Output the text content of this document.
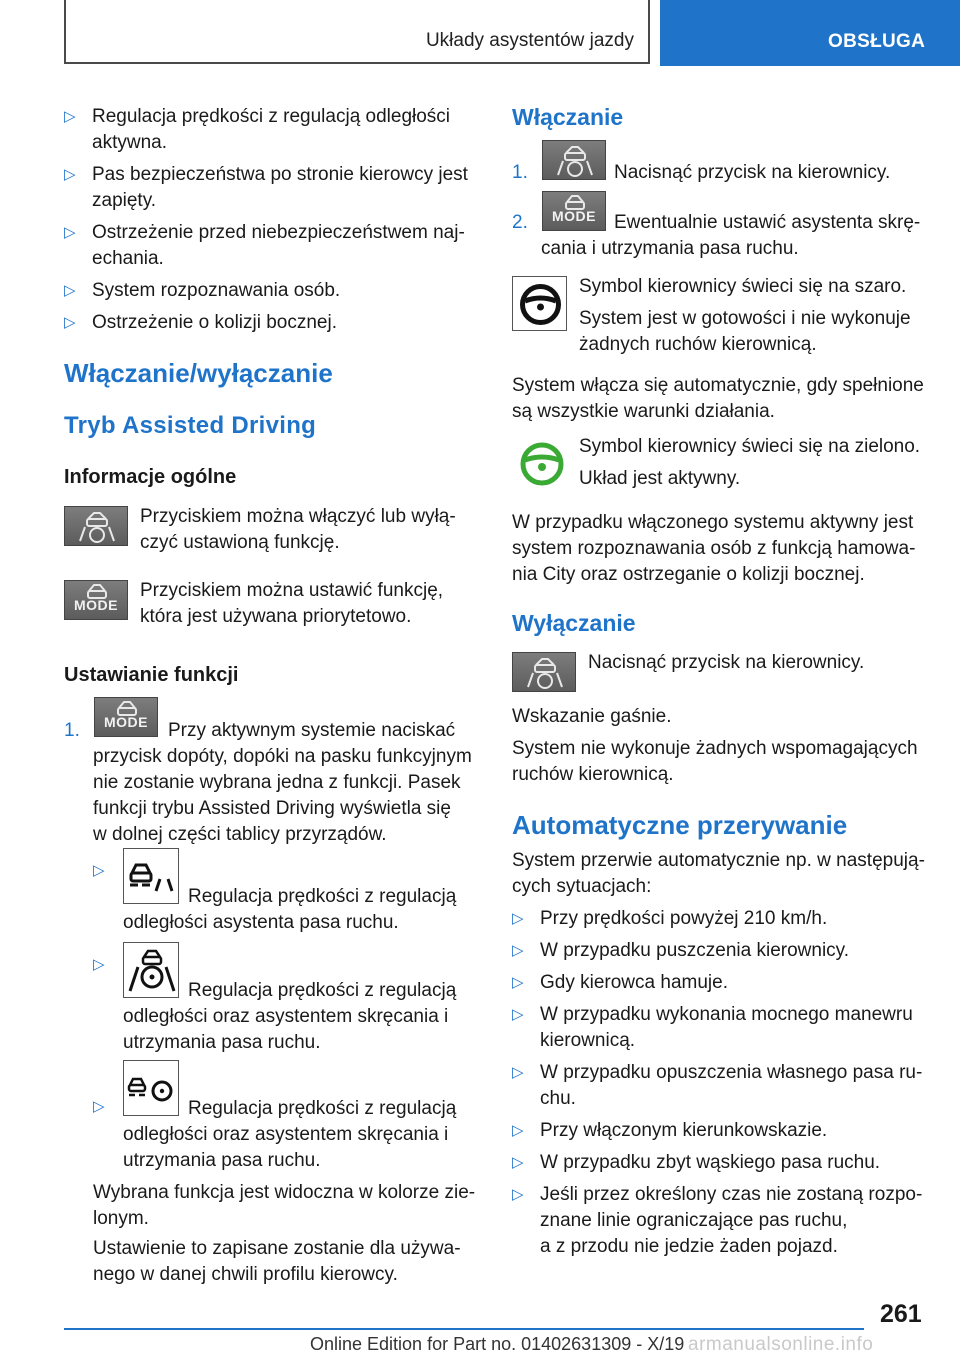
Układy asystentów jazdy	OBSŁUGA
▷ Regulacja prędkości z regulacją odległości
aktywna.
▷ Pas bezpieczeństwa po stronie kierowcy jest
zapięty.
▷ Ostrzeżenie przed niebezpieczeństwem naj-
echania.
▷ System rozpoznawania osób.
▷ Ostrzeżenie o kolizji bocznej.
Włączanie/wyłączanie
Tryb Assisted Driving
Informacje ogólne
Przyciskiem można włączyć lub wyłą-
czyć ustawioną funkcję.
MODE
Przyciskiem można ustawić funkcję,
która jest używana priorytetowo.
Ustawianie funkcji
1.	MODE	Przy aktywnym systemie naciskać
przycisk dopóty, dopóki na pasku funkcyjnym
nie zostanie wybrana jedna z funkcji. Pasek
funkcji trybu Assisted Driving wyświetla się
w dolnej części tablicy przyrządów.
▷
Regulacja prędkości z regulacją
odległości asystenta pasa ruchu.
▷
Regulacja prędkości z regulacją
odległości oraz asystentem skręcania i
utrzymania pasa ruchu.
▷	Regulacja prędkości z regulacją
odległości oraz asystentem skręcania i
utrzymania pasa ruchu.
Wybrana funkcja jest widoczna w kolorze zie-
lonym.
Ustawienie to zapisane zostanie dla używa-
nego w danej chwili profilu kierowcy.
Włączanie
1.	Nacisnąć przycisk na kierownicy.
2.	MODE Ewentualnie ustawić asystenta skrę-
cania i utrzymania pasa ruchu.
Symbol kierownicy świeci się na szaro.
System jest w gotowości i nie wykonuje
żadnych ruchów kierownicą.
System włącza się automatycznie, gdy spełnione
są wszystkie warunki działania.
Symbol kierownicy świeci się na zielono.
Układ jest aktywny.
W przypadku włączonego systemu aktywny jest
system rozpoznawania osób z funkcją hamowa-
nia City oraz ostrzeganie o kolizji bocznej.
Wyłączanie
Nacisnąć przycisk na kierownicy.
Wskazanie gaśnie.
System nie wykonuje żadnych wspomagających
ruchów kierownicą.
Automatyczne przerywanie
System przerwie automatycznie np. w następują-
cych sytuacjach:
▷ Przy prędkości powyżej 210 km/h.
▷ W przypadku puszczenia kierownicy.
▷ Gdy kierowca hamuje.
▷ W przypadku wykonania mocnego manewru
kierownicą.
▷ W przypadku opuszczenia własnego pasa ru-
chu.
▷ Przy włączonym kierunkowskazie.
▷ W przypadku zbyt wąskiego pasa ruchu.
▷ Jeśli przez określony czas nie zostaną rozpo-
znane linie ograniczające pas ruchu,
a z przodu nie jedzie żaden pojazd.
261
Online Edition for Part no. 01402631309 - X/19 armanualsonline.info
